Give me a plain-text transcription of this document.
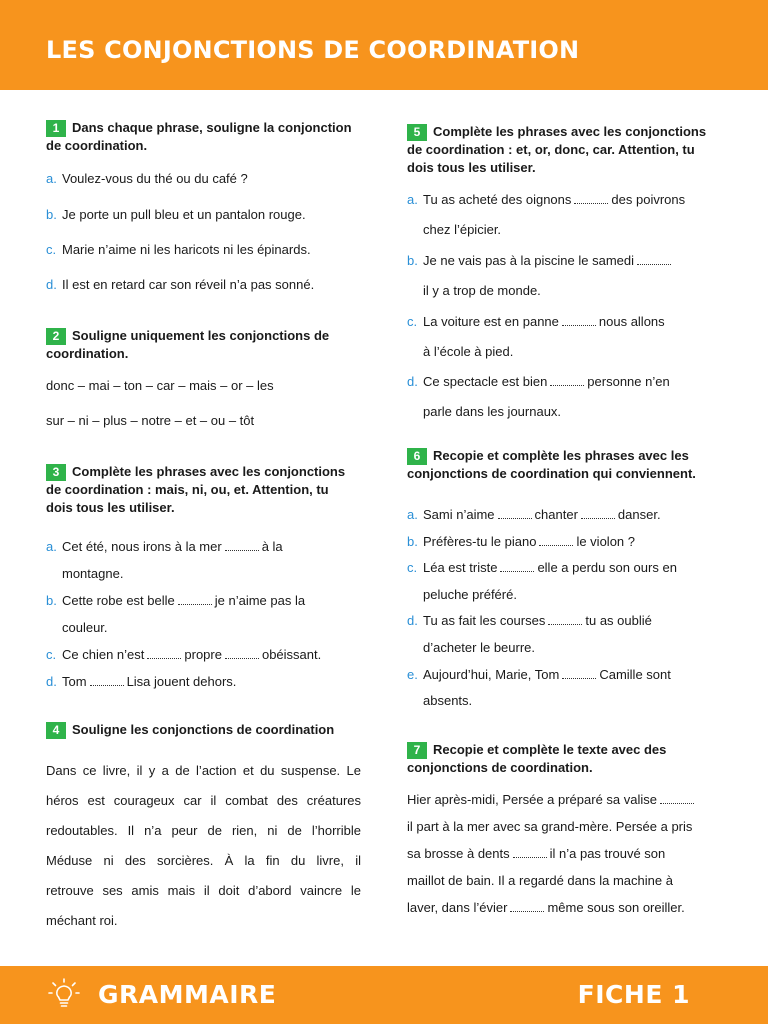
LES CONJONCTIONS DE COORDINATION
1 Dans chaque phrase, souligne la conjonction
de coordination.
a. Voulez-vous du thé ou du café ?
b. Je porte un pull bleu et un pantalon rouge.
c. Marie n’aime ni les haricots ni les épinards.
d. Il est en retard car son réveil n’a pas sonné.
2 Souligne uniquement les conjonctions de
coordination.
donc – mai – ton – car – mais – or – les
sur – ni – plus – notre – et – ou – tôt
3 Complète les phrases avec les conjonctions
de coordination : mais, ni, ou, et. Attention, tu
dois tous les utiliser.
a. Cet été, nous irons à la mer	à la
montagne.
b. Cette robe est belle	je n’aime pas la
couleur.
c. Ce chien n’est	propre	obéissant.
d. Tom	Lisa jouent dehors.
4 Souligne les conjonctions de coordination
Dans ce livre, il y a de l’action et du suspense. Le
héros est courageux car il combat des créatures
redoutables. Il n’a peur de rien, ni de l’horrible
Méduse ni des sorcières. À la fin du livre, il
retrouve ses amis mais il doit d’abord vaincre le
méchant roi.
5 Complète les phrases avec les conjonctions
de coordination : et, or, donc, car. Attention, tu
dois tous les utiliser.
a. Tu as acheté des oignons	des poivrons
chez l’épicier.
b. Je ne vais pas à la piscine le samedi
il y a trop de monde.
c. La voiture est en panne	nous allons
à l’école à pied.
d. Ce spectacle est bien	personne n’en
parle dans les journaux.
6 Recopie et complète les phrases avec les
conjonctions de coordination qui conviennent.
a. Sami n’aime	chanter	danser.
b. Préfères-tu le piano	le violon ?
c. Léa est triste	elle a perdu son ours en
peluche préféré.
d. Tu as fait les courses	tu as oublié
d’acheter le beurre.
e. Aujourd’hui, Marie, Tom	Camille sont
absents.
7 Recopie et complète le texte avec des
conjonctions de coordination.
Hier après-midi, Persée a préparé sa valise
il part à la mer avec sa grand-mère. Persée a pris
sa brosse à dents	il n’a pas trouvé son
maillot de bain. Il a regardé dans la machine à
laver, dans l’évier	même sous son oreiller.
GRAMMAIRE	FICHE 1
